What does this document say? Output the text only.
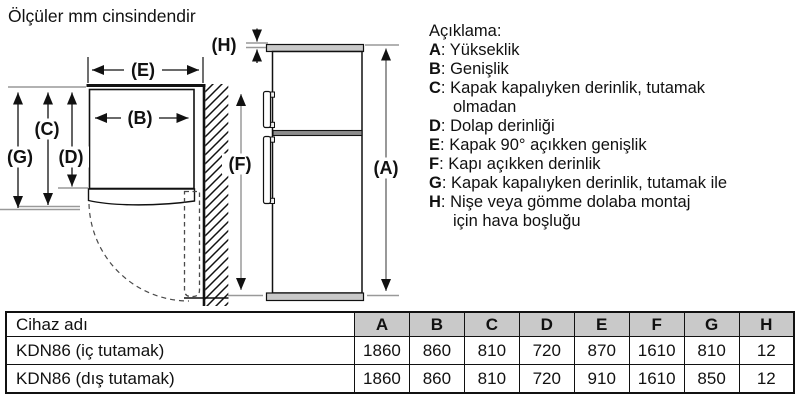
Ölçüler mm cinsindendir
(E)
(B)
(G)
(C)
(D)	(F)
(H)
(A)
Açıklama:
A: Yükseklik
B: Genişlik
C: Kapak kapalıyken derinlik, tutamak
olmadan
D: Dolap derinliği
E: Kapak 90° açıkken genişlik
F: Kapı açıkken derinlik
G: Kapak kapalıyken derinlik, tutamak ile
H: Nişe veya gömme dolaba montaj
için hava boşluğu
Cihaz adı	A	B	C	D	E	F	G	H
KDN86 (iç tutamak)	1860	860	810	720	870	1610	810	12
KDN86 (dış tutamak)	1860	860	810	720	910	1610	850	12
